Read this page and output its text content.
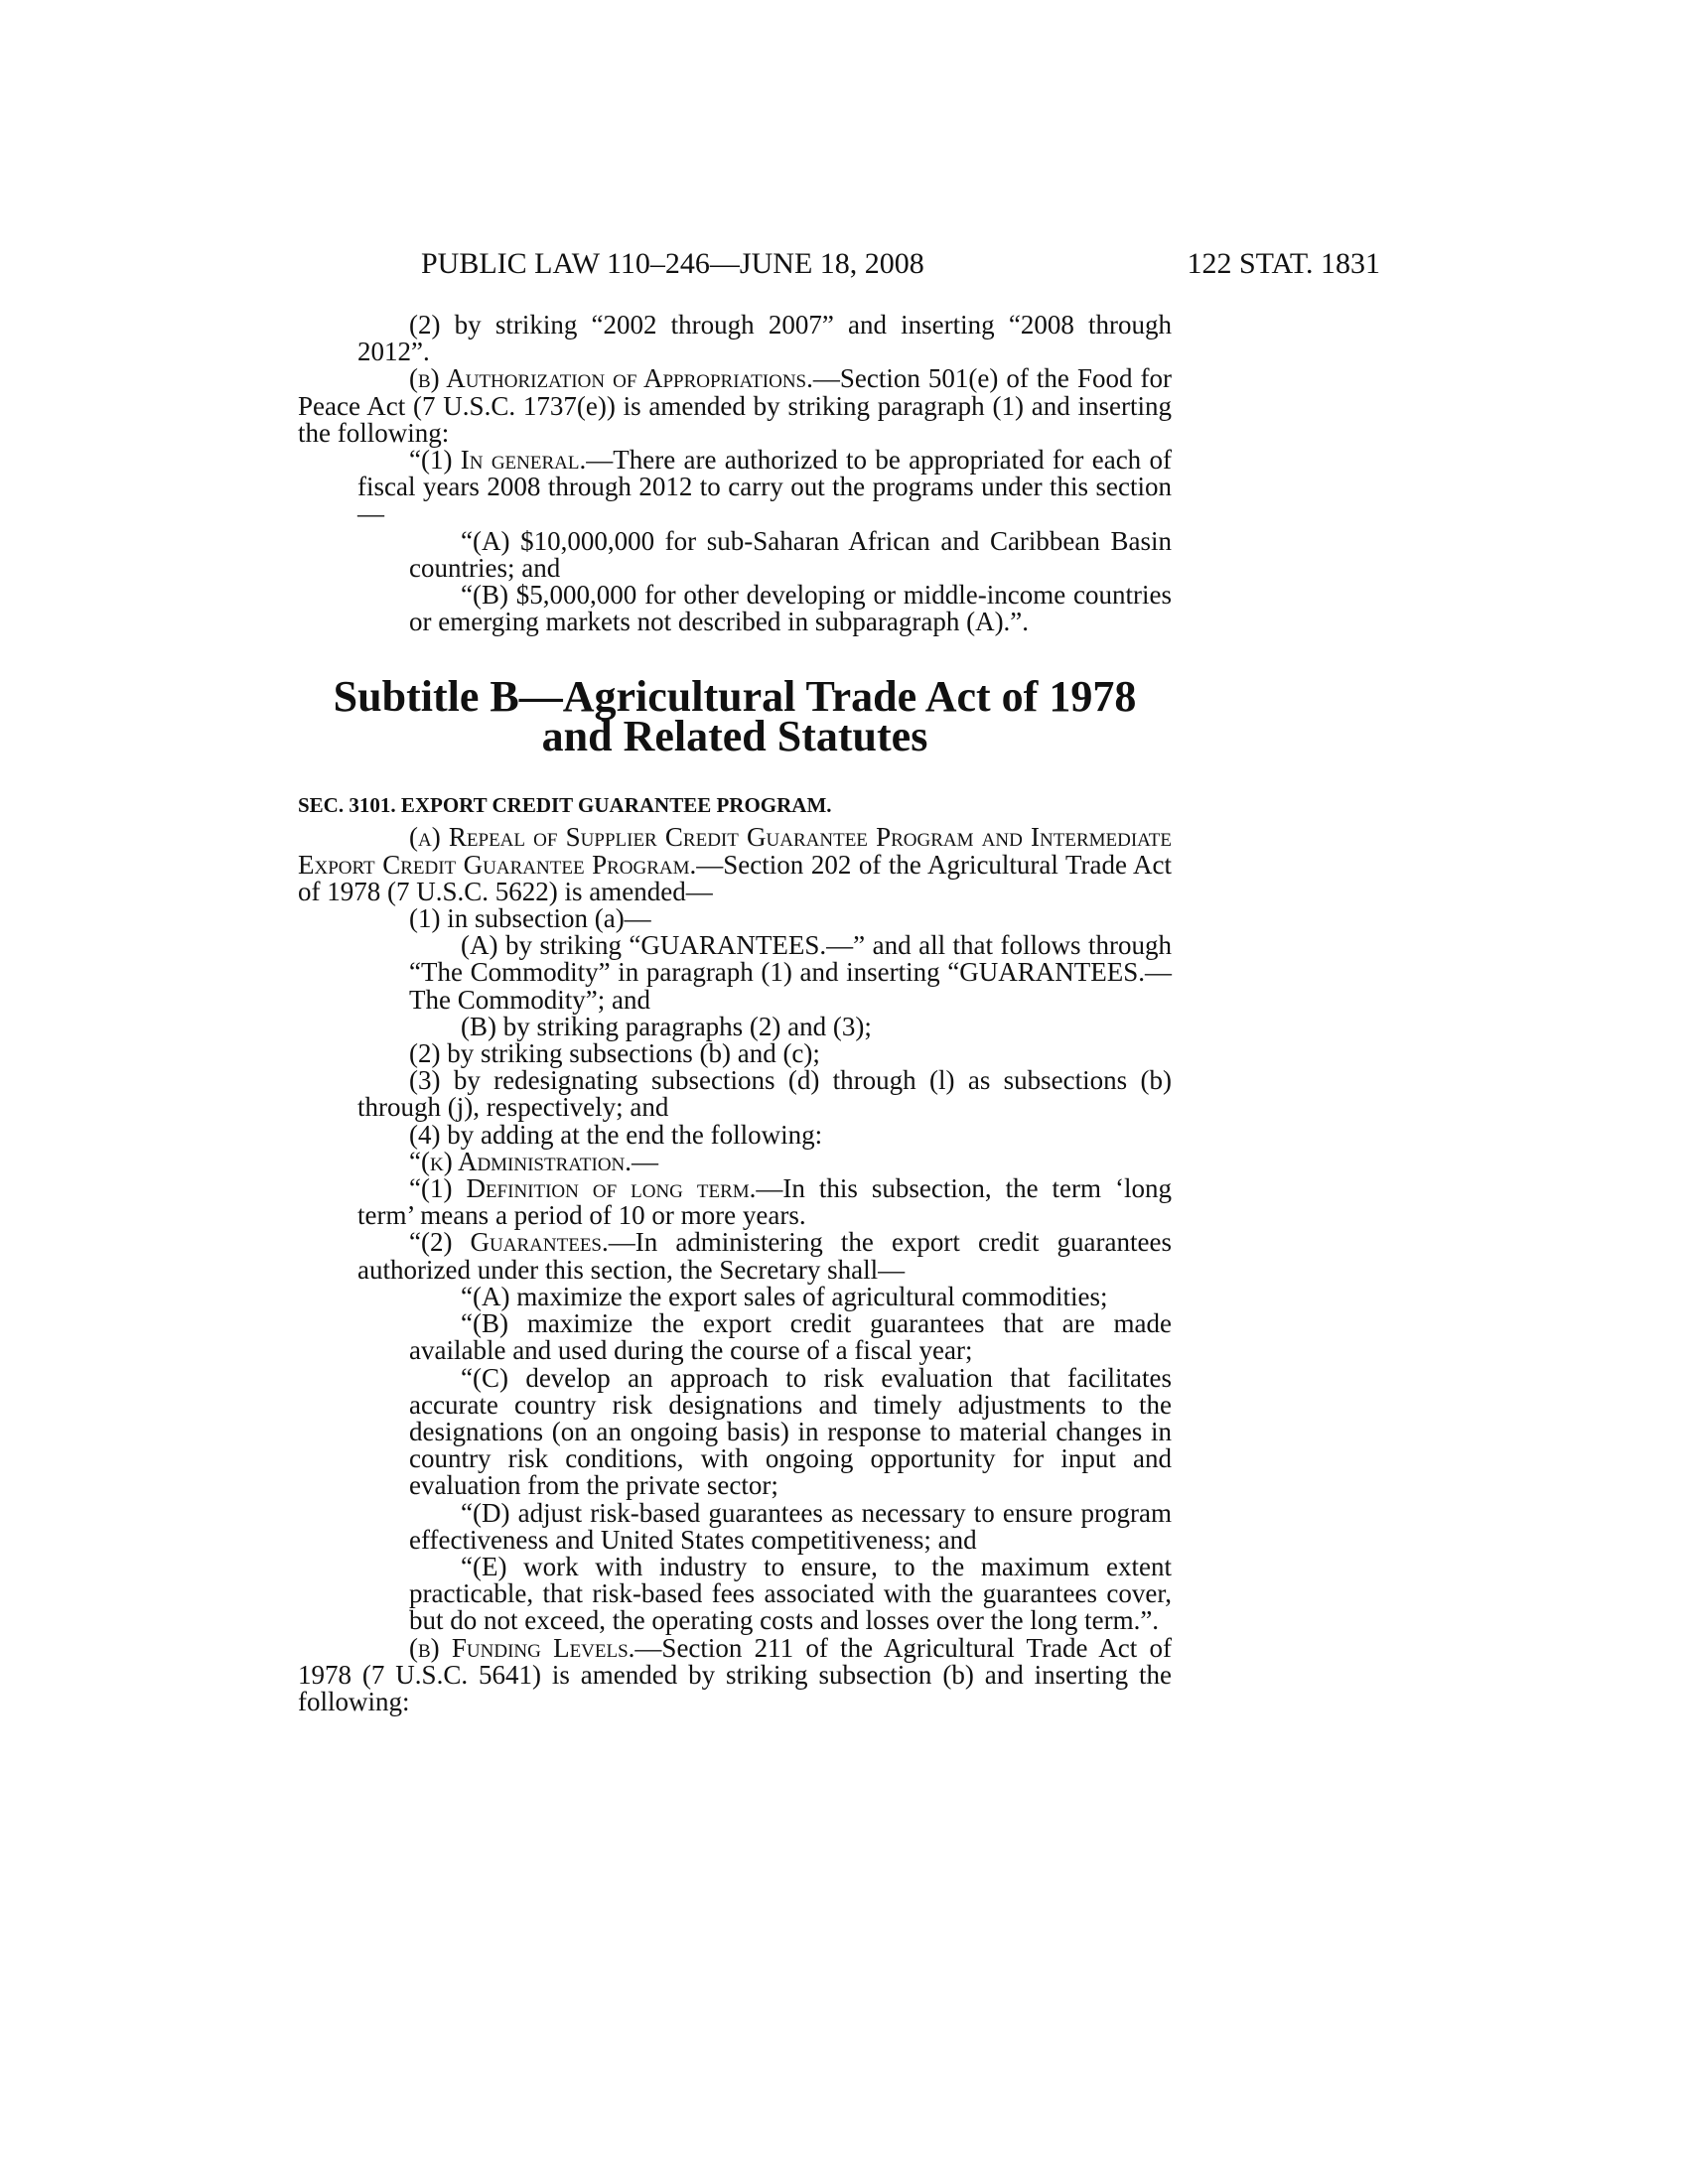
PUBLIC LAW 110–246—JUNE 18, 2008	122 STAT. 1831

(2) by striking “2002 through 2007” and inserting “2008 through 2012”.

(b) Authorization of Appropriations.—Section 501(e) of the Food for Peace Act (7 U.S.C. 1737(e)) is amended by striking paragraph (1) and inserting the following:

“(1) In general.—There are authorized to be appropriated for each of fiscal years 2008 through 2012 to carry out the programs under this section—

“(A) $10,000,000 for sub-Saharan African and Caribbean Basin countries; and

“(B) $5,000,000 for other developing or middle-income countries or emerging markets not described in subparagraph (A).”.

Subtitle B—Agricultural Trade Act of 1978
and Related Statutes
SEC. 3101. EXPORT CREDIT GUARANTEE PROGRAM.

(a) Repeal of Supplier Credit Guarantee Program and Intermediate Export Credit Guarantee Program.—Section 202 of the Agricultural Trade Act of 1978 (7 U.S.C. 5622) is amended—

(1) in subsection (a)—

(A) by striking “GUARANTEES.—” and all that follows through “The Commodity” in paragraph (1) and inserting “GUARANTEES.—The Commodity”; and

(B) by striking paragraphs (2) and (3);

(2) by striking subsections (b) and (c);

(3) by redesignating subsections (d) through (l) as subsections (b) through (j), respectively; and

(4) by adding at the end the following:

“(k) Administration.—

“(1) Definition of long term.—In this subsection, the term ‘long term’ means a period of 10 or more years.

“(2) Guarantees.—In administering the export credit guarantees authorized under this section, the Secretary shall—

“(A) maximize the export sales of agricultural commodities;

“(B) maximize the export credit guarantees that are made available and used during the course of a fiscal year;

“(C) develop an approach to risk evaluation that facilitates accurate country risk designations and timely adjustments to the designations (on an ongoing basis) in response to material changes in country risk conditions, with ongoing opportunity for input and evaluation from the private sector;

“(D) adjust risk-based guarantees as necessary to ensure program effectiveness and United States competitiveness; and

“(E) work with industry to ensure, to the maximum extent practicable, that risk-based fees associated with the guarantees cover, but do not exceed, the operating costs and losses over the long term.”.

(b) Funding Levels.—Section 211 of the Agricultural Trade Act of 1978 (7 U.S.C. 5641) is amended by striking subsection (b) and inserting the following:
